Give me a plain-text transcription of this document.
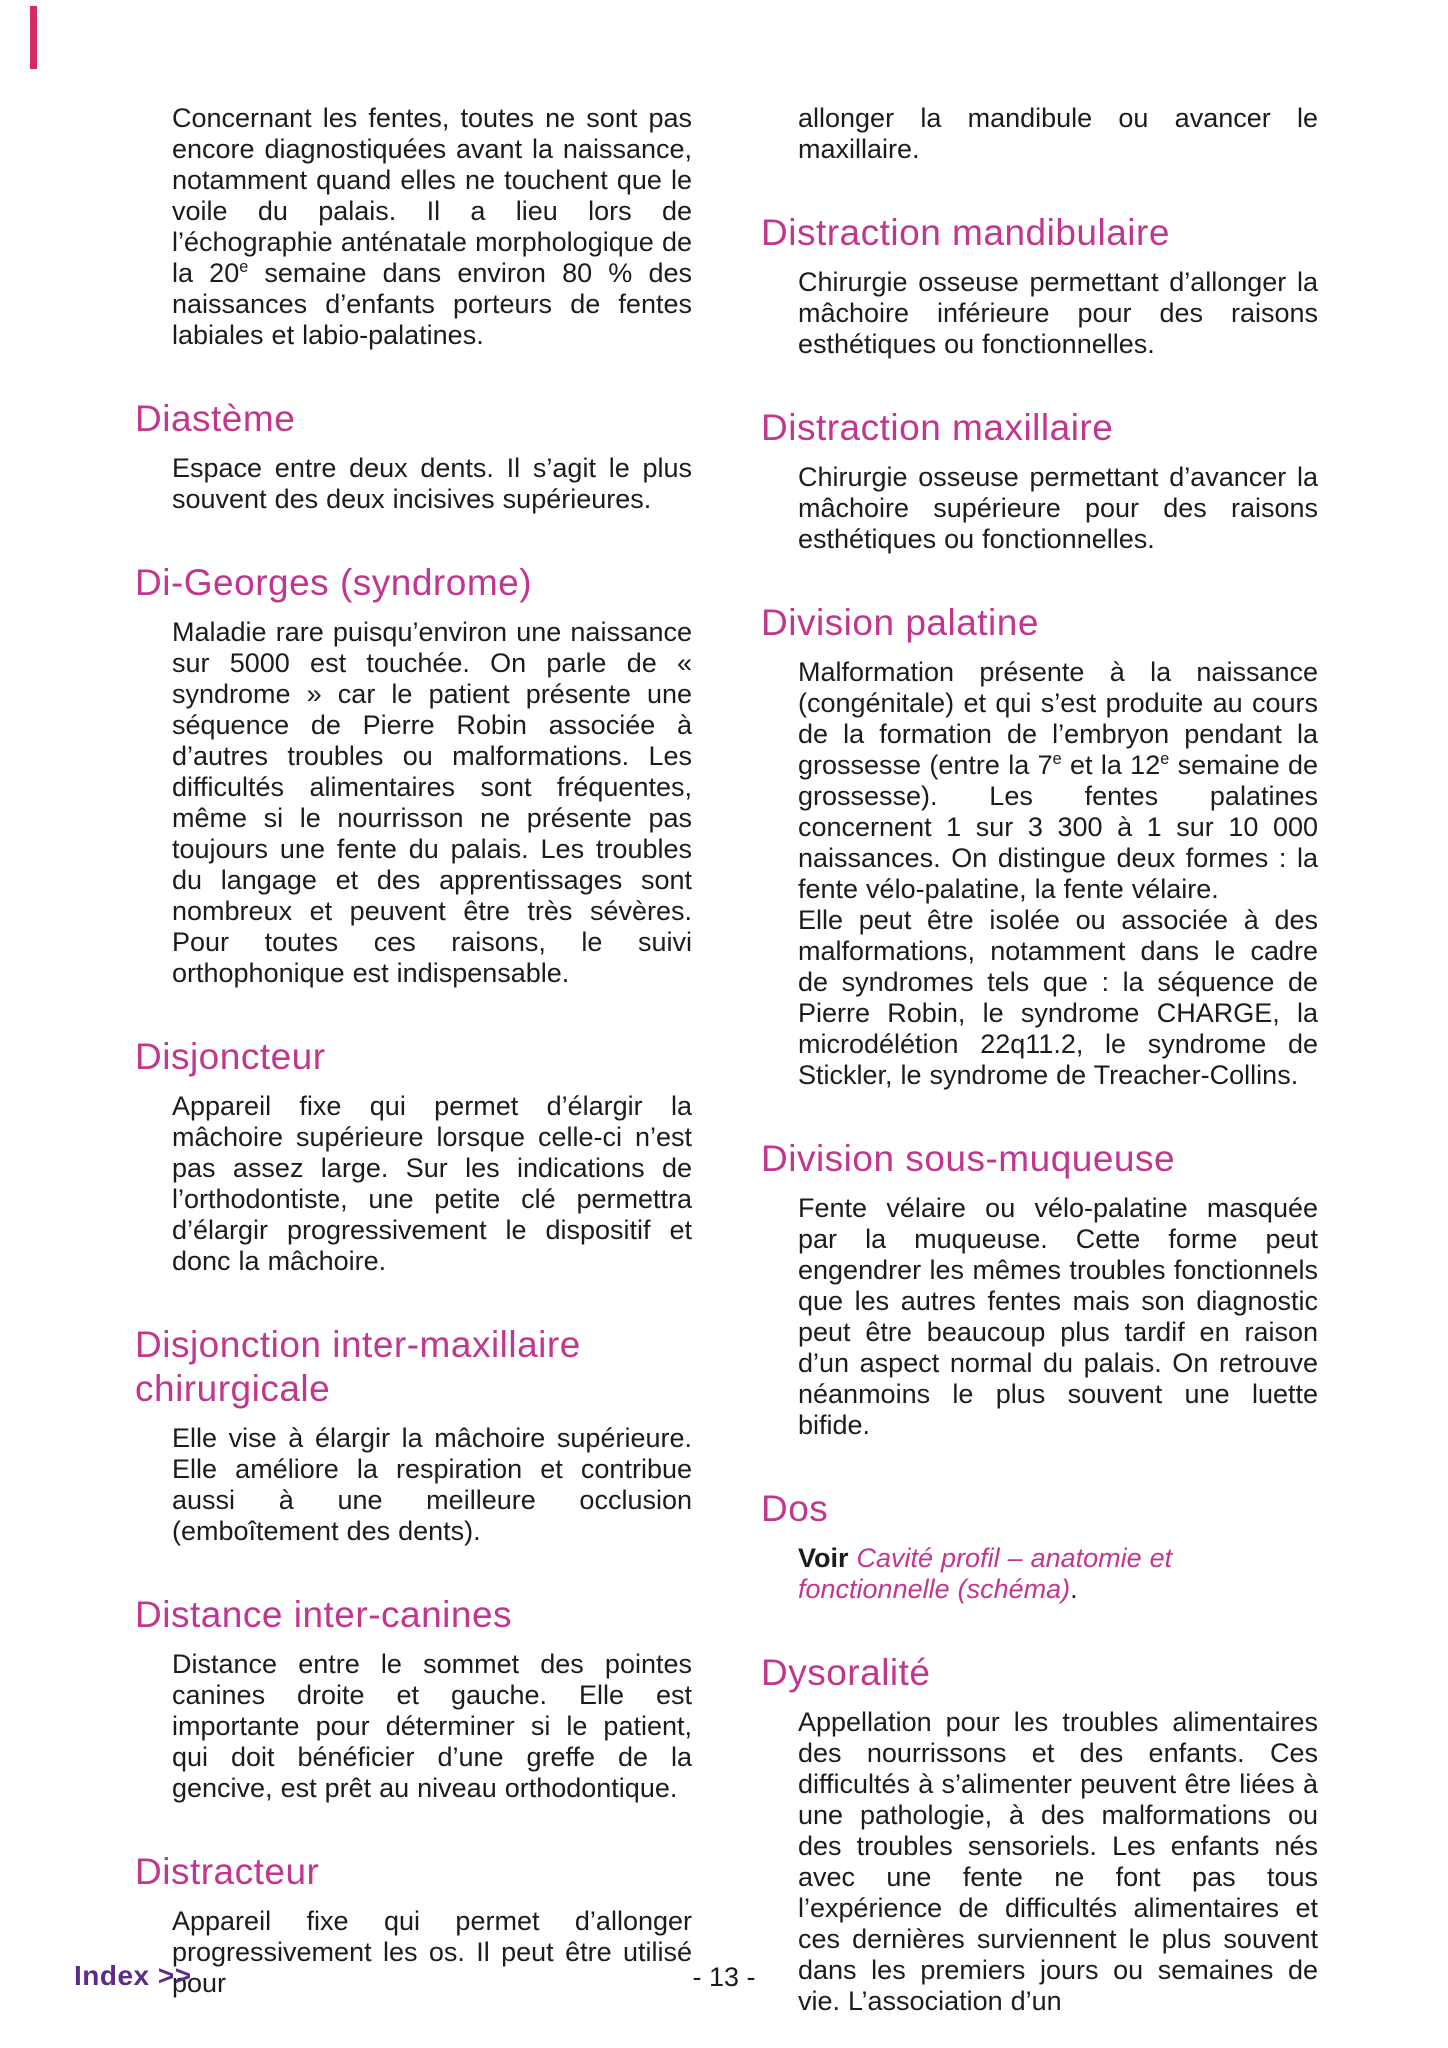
Concernant les fentes, toutes ne sont pas encore diagnostiquées avant la naissance, notamment quand elles ne touchent que le voile du palais. Il a lieu lors de l’échographie anténatale morphologique de la 20e semaine dans environ 80 % des naissances d’enfants porteurs de fentes labiales et labio-palatines.

Diastème

Espace entre deux dents. Il s’agit le plus souvent des deux incisives supérieures.

Di-Georges (syndrome)

Maladie rare puisqu’environ une naissance sur 5000 est touchée. On parle de « syndrome » car le patient présente une séquence de Pierre Robin associée à d’autres troubles ou malformations. Les difficultés alimentaires sont fréquentes, même si le nourrisson ne présente pas toujours une fente du palais. Les troubles du langage et des apprentissages sont nombreux et peuvent être très sévères. Pour toutes ces raisons, le suivi orthophonique est indispensable.

Disjoncteur

Appareil fixe qui permet d’élargir la mâchoire supérieure lorsque celle-ci n’est pas assez large. Sur les indications de l’orthodontiste, une petite clé permettra d’élargir progressivement le dispositif et donc la mâchoire.

Disjonction inter-maxillaire
chirurgicale

Elle vise à élargir la mâchoire supérieure. Elle améliore la respiration et contribue aussi à une meilleure occlusion (emboîtement des dents).

Distance inter-canines

Distance entre le sommet des pointes canines droite et gauche. Elle est importante pour déterminer si le patient, qui doit bénéficier d’une greffe de la gencive, est prêt au niveau orthodontique.

Distracteur

Appareil fixe qui permet d’allonger progressivement les os. Il peut être utilisé pour

allonger la mandibule ou avancer le maxillaire.

Distraction mandibulaire

Chirurgie osseuse permettant d’allonger la mâchoire inférieure pour des raisons esthétiques ou fonctionnelles.

Distraction maxillaire

Chirurgie osseuse permettant d’avancer la mâchoire supérieure pour des raisons esthétiques ou fonctionnelles.

Division palatine

Malformation présente à la naissance (congénitale) et qui s’est produite au cours de la formation de l’embryon pendant la grossesse (entre la 7e et la 12e semaine de grossesse). Les fentes palatines concernent 1 sur 3 300 à 1 sur 10 000 naissances. On distingue deux formes : la fente vélo-palatine, la fente vélaire.

Elle peut être isolée ou associée à des malformations, notamment dans le cadre de syndromes tels que : la séquence de Pierre Robin, le syndrome CHARGE, la microdélétion 22q11.2, le syndrome de Stickler, le syndrome de Treacher-Collins.

Division sous-muqueuse

Fente vélaire ou vélo-palatine masquée par la muqueuse. Cette forme peut engendrer les mêmes troubles fonctionnels que les autres fentes mais son diagnostic peut être beaucoup plus tardif en raison d’un aspect normal du palais. On retrouve néanmoins le plus souvent une luette bifide.

Dos

Voir Cavité profil – anatomie et fonctionnelle (schéma).

Dysoralité

Appellation pour les troubles alimentaires des nourrissons et des enfants. Ces difficultés à s’alimenter peuvent être liées à une pathologie, à des malformations ou des troubles sensoriels. Les enfants nés avec une fente ne font pas tous l’expérience de difficultés alimentaires et ces dernières surviennent le plus souvent dans les premiers jours ou semaines de vie. L’association d’un

Index >>	- 13 -
